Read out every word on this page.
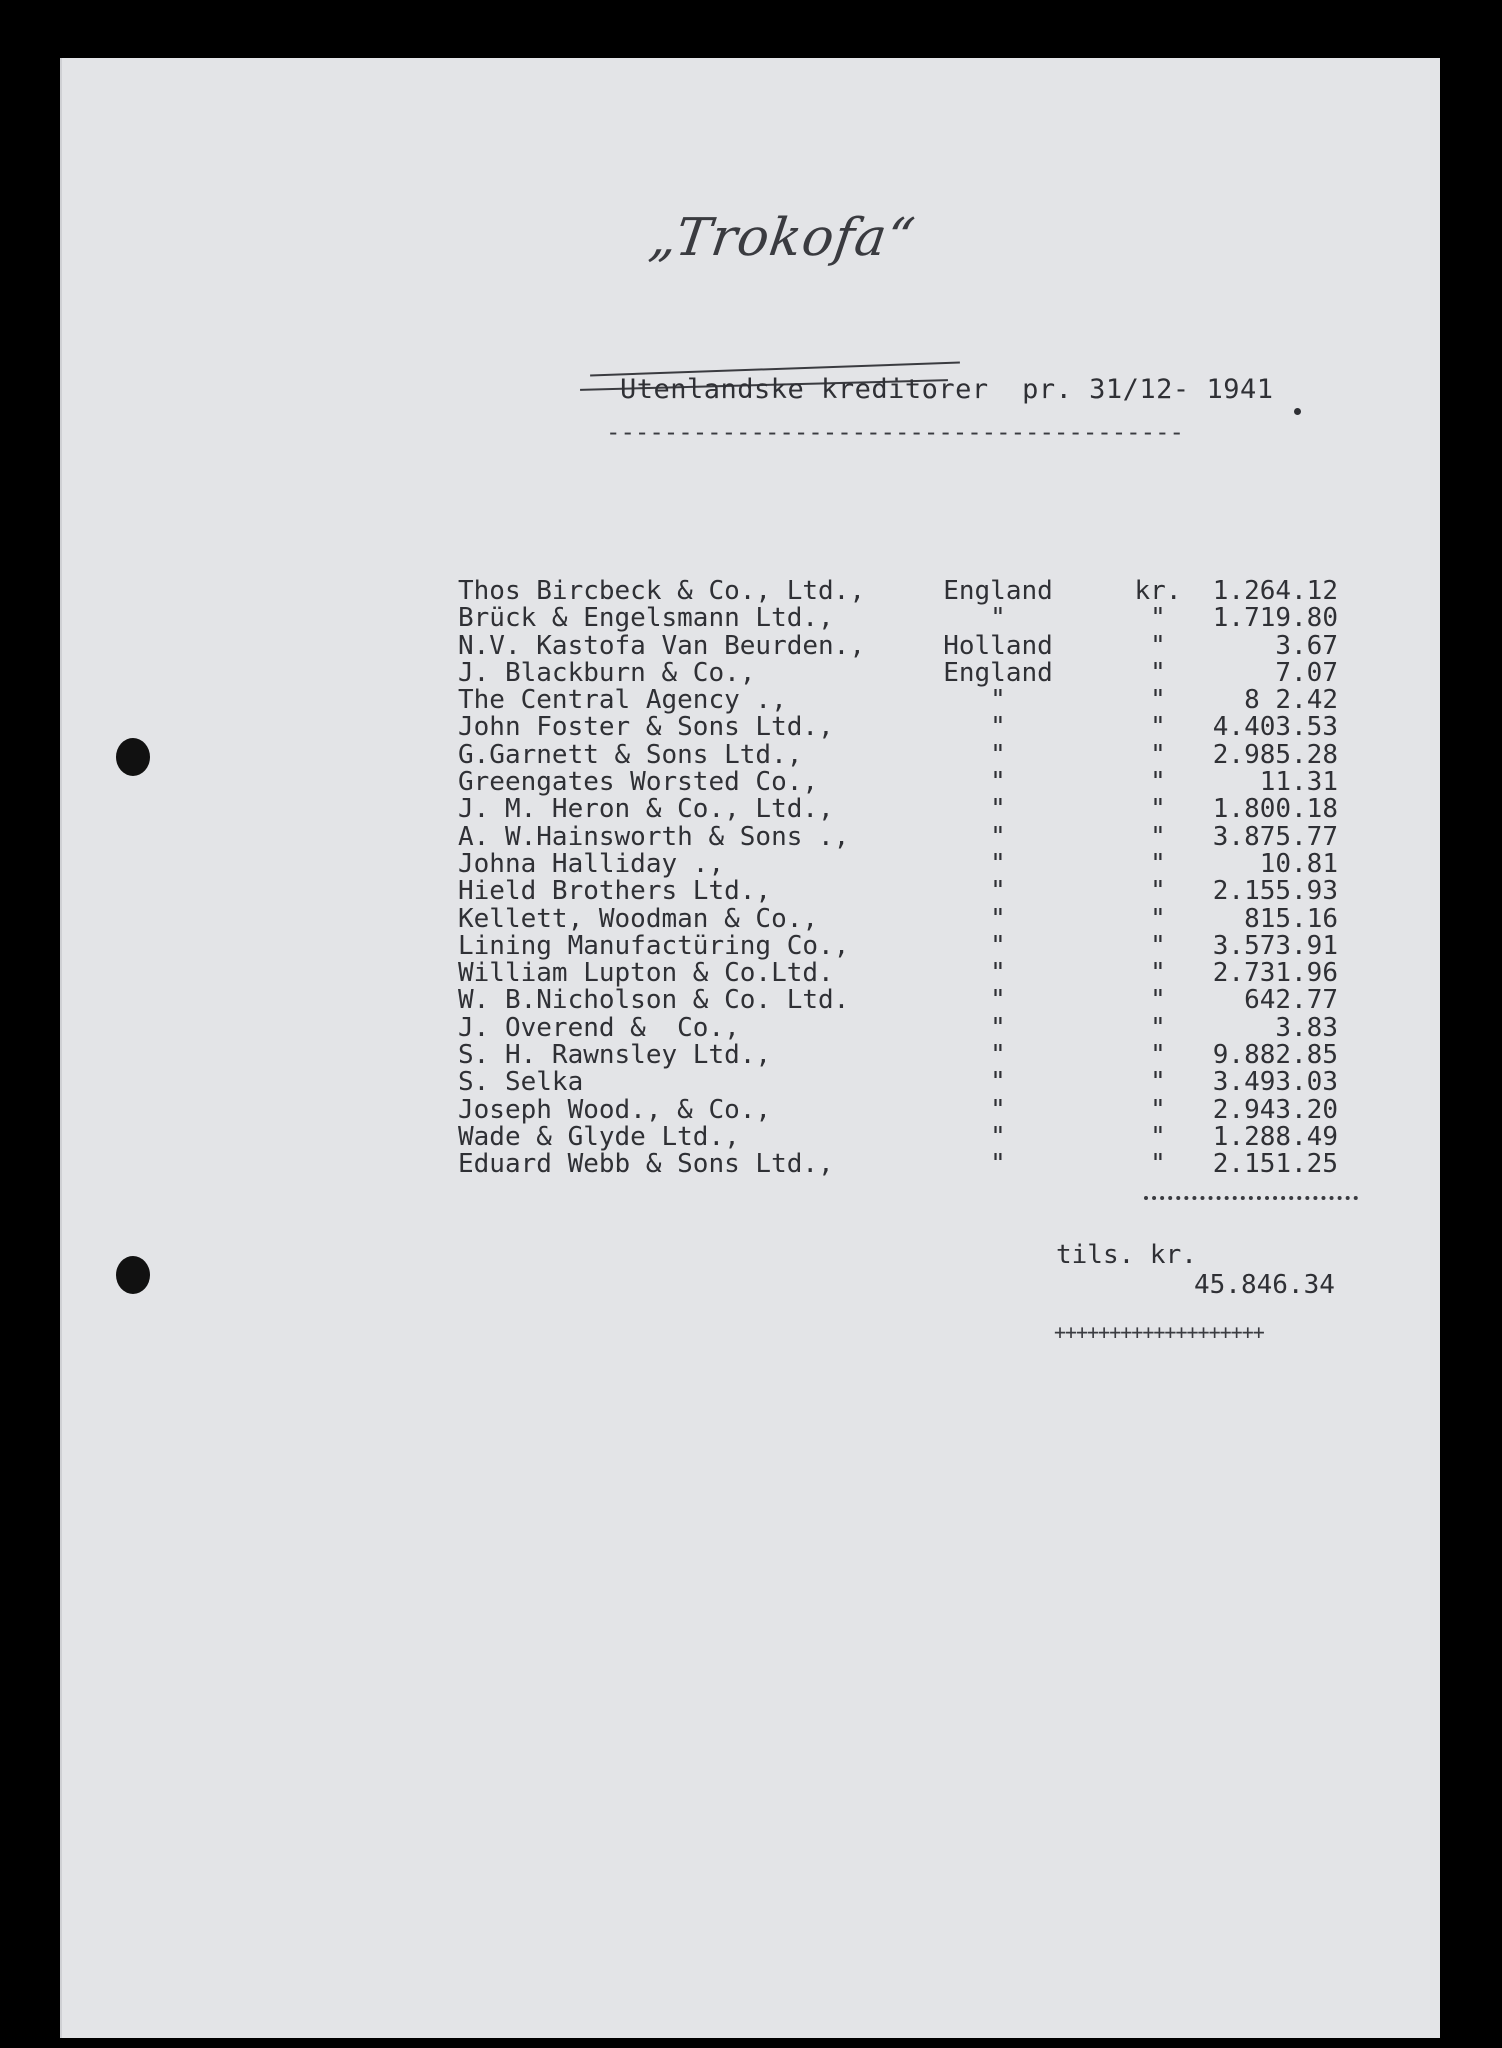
„Trokofa“
Utenlandske kreditorer  pr. 31/12- 1941
----------------------------------------
Thos Bircbeck & Co., Ltd.,	England	kr. 1.264.12
Brück & Engelsmann Ltd.,	"	"	1.719.80
N.V. Kastofa Van Beurden.,	Holland	"	3.67
J. Blackburn & Co.,	England	"	7.07
The Central Agency .,	"	"	8 2.42
John Foster & Sons Ltd.,	"	"	4.403.53
G.Garnett & Sons Ltd.,	"	"	2.985.28
Greengates Worsted Co.,	"	"	11.31
J. M. Heron & Co., Ltd.,	"	"	1.800.18
A. W.Hainsworth & Sons .,	"	"	3.875.77
Johna Halliday .,	"	"	10.81
Hield Brothers Ltd.,	"	"	2.155.93
Kellett, Woodman & Co.,	"	"	815.16
Lining Manufactüring Co.,	"	"	3.573.91
William Lupton & Co.Ltd.	"	"	2.731.96
W. B.Nicholson & Co. Ltd.	"	"	642.77
J. Overend &  Co.,	"	"	3.83
S. H. Rawnsley Ltd.,	"	"	9.882.85
S. Selka	"	"	3.493.03
Joseph Wood., & Co.,	"	"	2.943.20
Wade & Glyde Ltd.,	"	"	1.288.49
Eduard Webb & Sons Ltd.,	"	"	2.151.25
tils. kr.
45.846.34
+++++++++++++++++++
